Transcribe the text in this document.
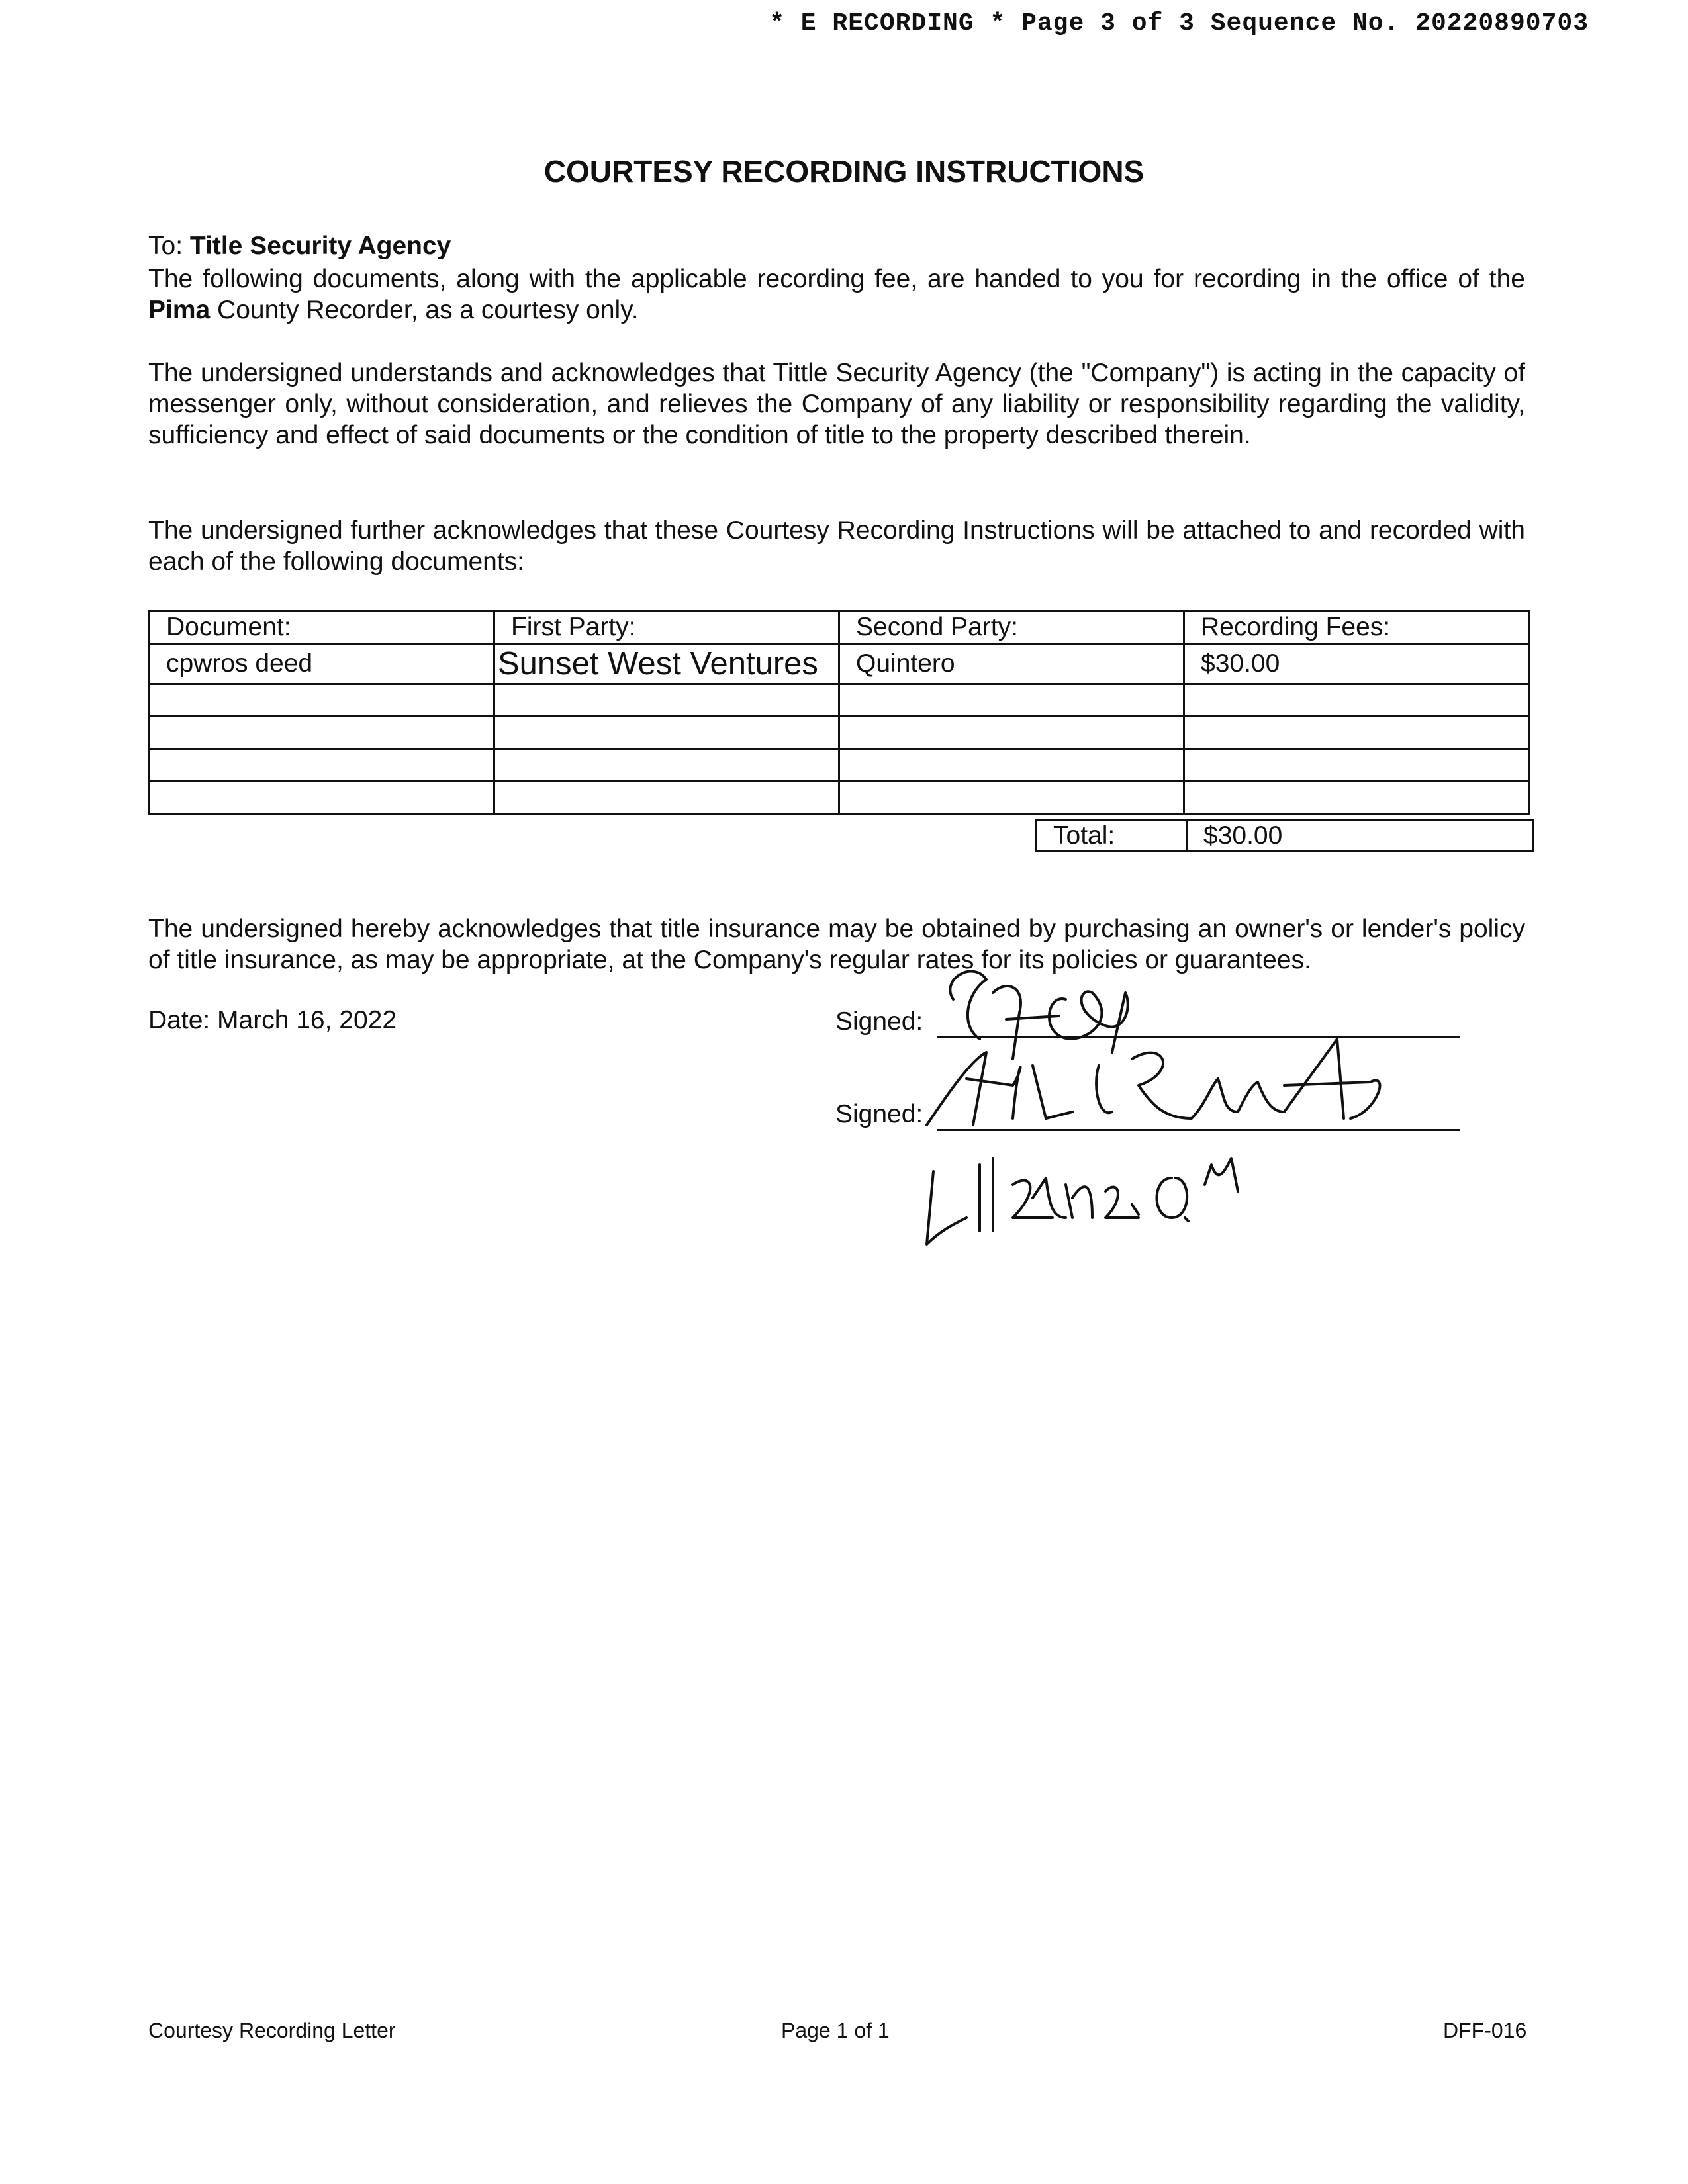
* E RECORDING * Page 3 of 3 Sequence No. 20220890703
COURTESY RECORDING INSTRUCTIONS
To: Title Security Agency
The following documents, along with the applicable recording fee, are handed to you for recording in the office of the Pima County Recorder, as a courtesy only.
The undersigned understands and acknowledges that Tittle Security Agency (the "Company") is acting in the capacity of messenger only, without consideration, and relieves the Company of any liability or responsibility regarding the validity, sufficiency and effect of said documents or the condition of title to the property described therein.
The undersigned further acknowledges that these Courtesy Recording Instructions will be attached to and recorded with each of the following documents:
Document:	First Party:	Second Party:	Recording Fees:
cpwros deed	Sunset West Ventures	Quintero	$30.00

Total:	$30.00
The undersigned hereby acknowledges that title insurance may be obtained by purchasing an owner's or lender's policy of title insurance, as may be appropriate, at the Company's regular rates for its policies or guarantees.
Date: March 16, 2022	Signed:
Signed:
Courtesy Recording Letter	Page 1 of 1	DFF-016
